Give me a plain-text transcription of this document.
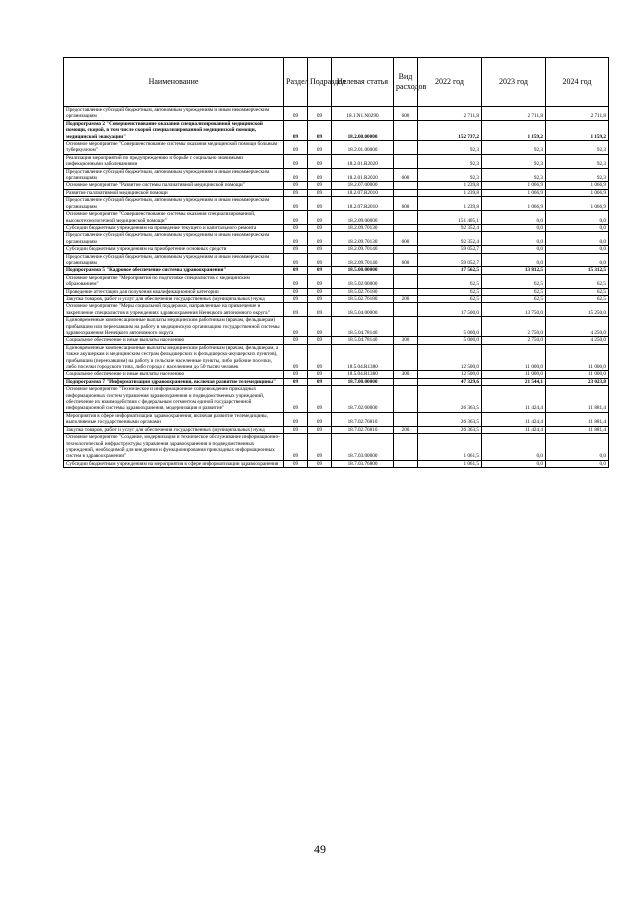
Наименование	Раздел	Подраздел	Целевая статья	Вид расходов	2022 год	2023 год	2024 год
Предоставление субсидий бюджетным, автономным учреждениям и иным некоммерческим организациям	09	09	18.1.N1.N0290	600	2 711,8	2 711,8	2 711,8
Подпрограмма 2 "Совершенствование оказания специализированной медицинской помощи, скорой, в том числе скорой специализированной медицинской помощи, медицинской эвакуации"	09	09	18.2.00.00000		152 737,2	1 159,2	1 159,2
Основное мероприятие "Совершенствование системы оказания медицинской помощи больным туберкулезом"	09	09	18.2.01.00000		92,3	92,3	92,3
Реализация мероприятий по предупреждению и борьбе с социально значимыми инфекционными заболеваниями	09	09	18.2.01.R2020		92,3	92,3	92,3
Предоставление субсидий бюджетным, автономным учреждениям и иным некоммерческим организациям	09	09	18.2.01.R2020	600	92,3	92,3	92,3
Основное мероприятие "Развитие системы паллиативной медицинской помощи"	09	09	18.2.07.00000		1 239,8	1 066,9	1 066,9
Развитие паллиативной медицинской помощи	09	09	18.2.07.R2010		1 239,8	1 066,9	1 066,9
Предоставление субсидий бюджетным, автономным учреждениям и иным некоммерческим организациям	09	09	18.2.07.R2010	600	1 239,8	1 066,9	1 066,9
Основное мероприятие "Совершенствование системы оказания специализированной, высокотехнологичной медицинской помощи"	09	09	18.2.09.00000		151 405,1	0,0	0,0
Субсидии бюджетным учреждениям на проведение текущего и капитального ремонта	09	09	18.2.09.70130		92 352,4	0,0	0,0
Предоставление субсидий бюджетным, автономным учреждениям и иным некоммерческим организациям	09	09	18.2.09.70130	600	92 352,4	0,0	0,0
Субсидии бюджетным учреждениям на приобретение основных средств	09	09	18.2.09.70140		59 052,7	0,0	0,0
Предоставление субсидий бюджетным, автономным учреждениям и иным некоммерческим организациям	09	09	18.2.09.70140	600	59 052,7	0,0	0,0
Подпрограмма 5 "Кадровое обеспечение системы здравоохранения"	09	09	18.5.00.00000		17 562,5	13 812,5	15 312,5
Основное мероприятие "Мероприятия по подготовке специалистов с медицинским образованием"	09	09	18.5.02.00000		62,5	62,5	62,5
Проведение аттестации для получения квалификационной категории	09	09	18.5.02.76180		62,5	62,5	62,5
Закупка товаров, работ и услуг для обеспечения государственных (муниципальных) нужд	09	09	18.5.02.76180	200	62,5	62,5	62,5
Основное мероприятие "Меры социальной поддержки, направленные на привлечение и закрепление специалистов в учреждениях здравоохранения Ненецкого автономного округа"	09	09	18.5.04.00000		17 500,0	13 750,0	15 250,0
Единовременные компенсационные выплаты медицинским работникам (врачам, фельдшерам) прибывшим или переехавшим на работу в медицинскую организацию государственной системы здравоохранения Ненецкого автономного округа	09	09	18.5.04.78140		5 000,0	2 750,0	4 250,0
Социальное обеспечение и иные выплаты населению	09	09	18.5.04.78140	300	5 000,0	2 750,0	4 250,0
Единовременные компенсационные выплаты медицинским работникам (врачам, фельдшерам, а также акушеркам и медицинским сестрам фельдшерских и фельдшерско-акушерских пунктов), прибывшим (переехавшим) на работу в сельские населенные пункты, либо рабочие поселки, либо поселки городского типа, либо города с населением до 50 тысяч человек	09	09	18.5.04.R1380		12 500,0	11 000,0	11 000,0
Социальное обеспечение и иные выплаты населению	09	09	18.5.04.R1380	300	12 500,0	11 000,0	11 000,0
Подпрограмма 7 "Информатизация здравоохранения, включая развитие телемедицины"	09	09	18.7.00.00000		47 329,6	21 544,1	23 023,8
Основное мероприятие "Техническое и информационное сопровождение прикладных информационных систем управления здравоохранения и подведомственных учреждений, обеспечение их взаимодействия с федеральным сегментом единой государственной информационной системы здравоохранения, модернизация и развитие"	09	09	18.7.02.00000		26 363,5	11 424,4	11 881,4
Мероприятия в сфере информатизации здравоохранения, включая развитие телемедицины, выполняемые государственными органами	09	09	18.7.02.76810		26 363,5	11 424,4	11 881,4
Закупка товаров, работ и услуг для обеспечения государственных (муниципальных) нужд	09	09	18.7.02.76810	200	26 363,5	11 424,4	11 881,4
Основное мероприятие "Создание, модернизация и техническое обслуживание информационно-технологической инфраструктуры управления здравоохранения и подведомственных учреждений, необходимой для внедрения и функционирования прикладных информационных систем в здравоохранении"	09	09	18.7.03.00000		1 061,5	0,0	0,0
Субсидии бюджетным учреждениям на мероприятия в сфере информатизации здравоохранения	09	09	18.7.03.76800		1 061,5	0,0	0,0
49
